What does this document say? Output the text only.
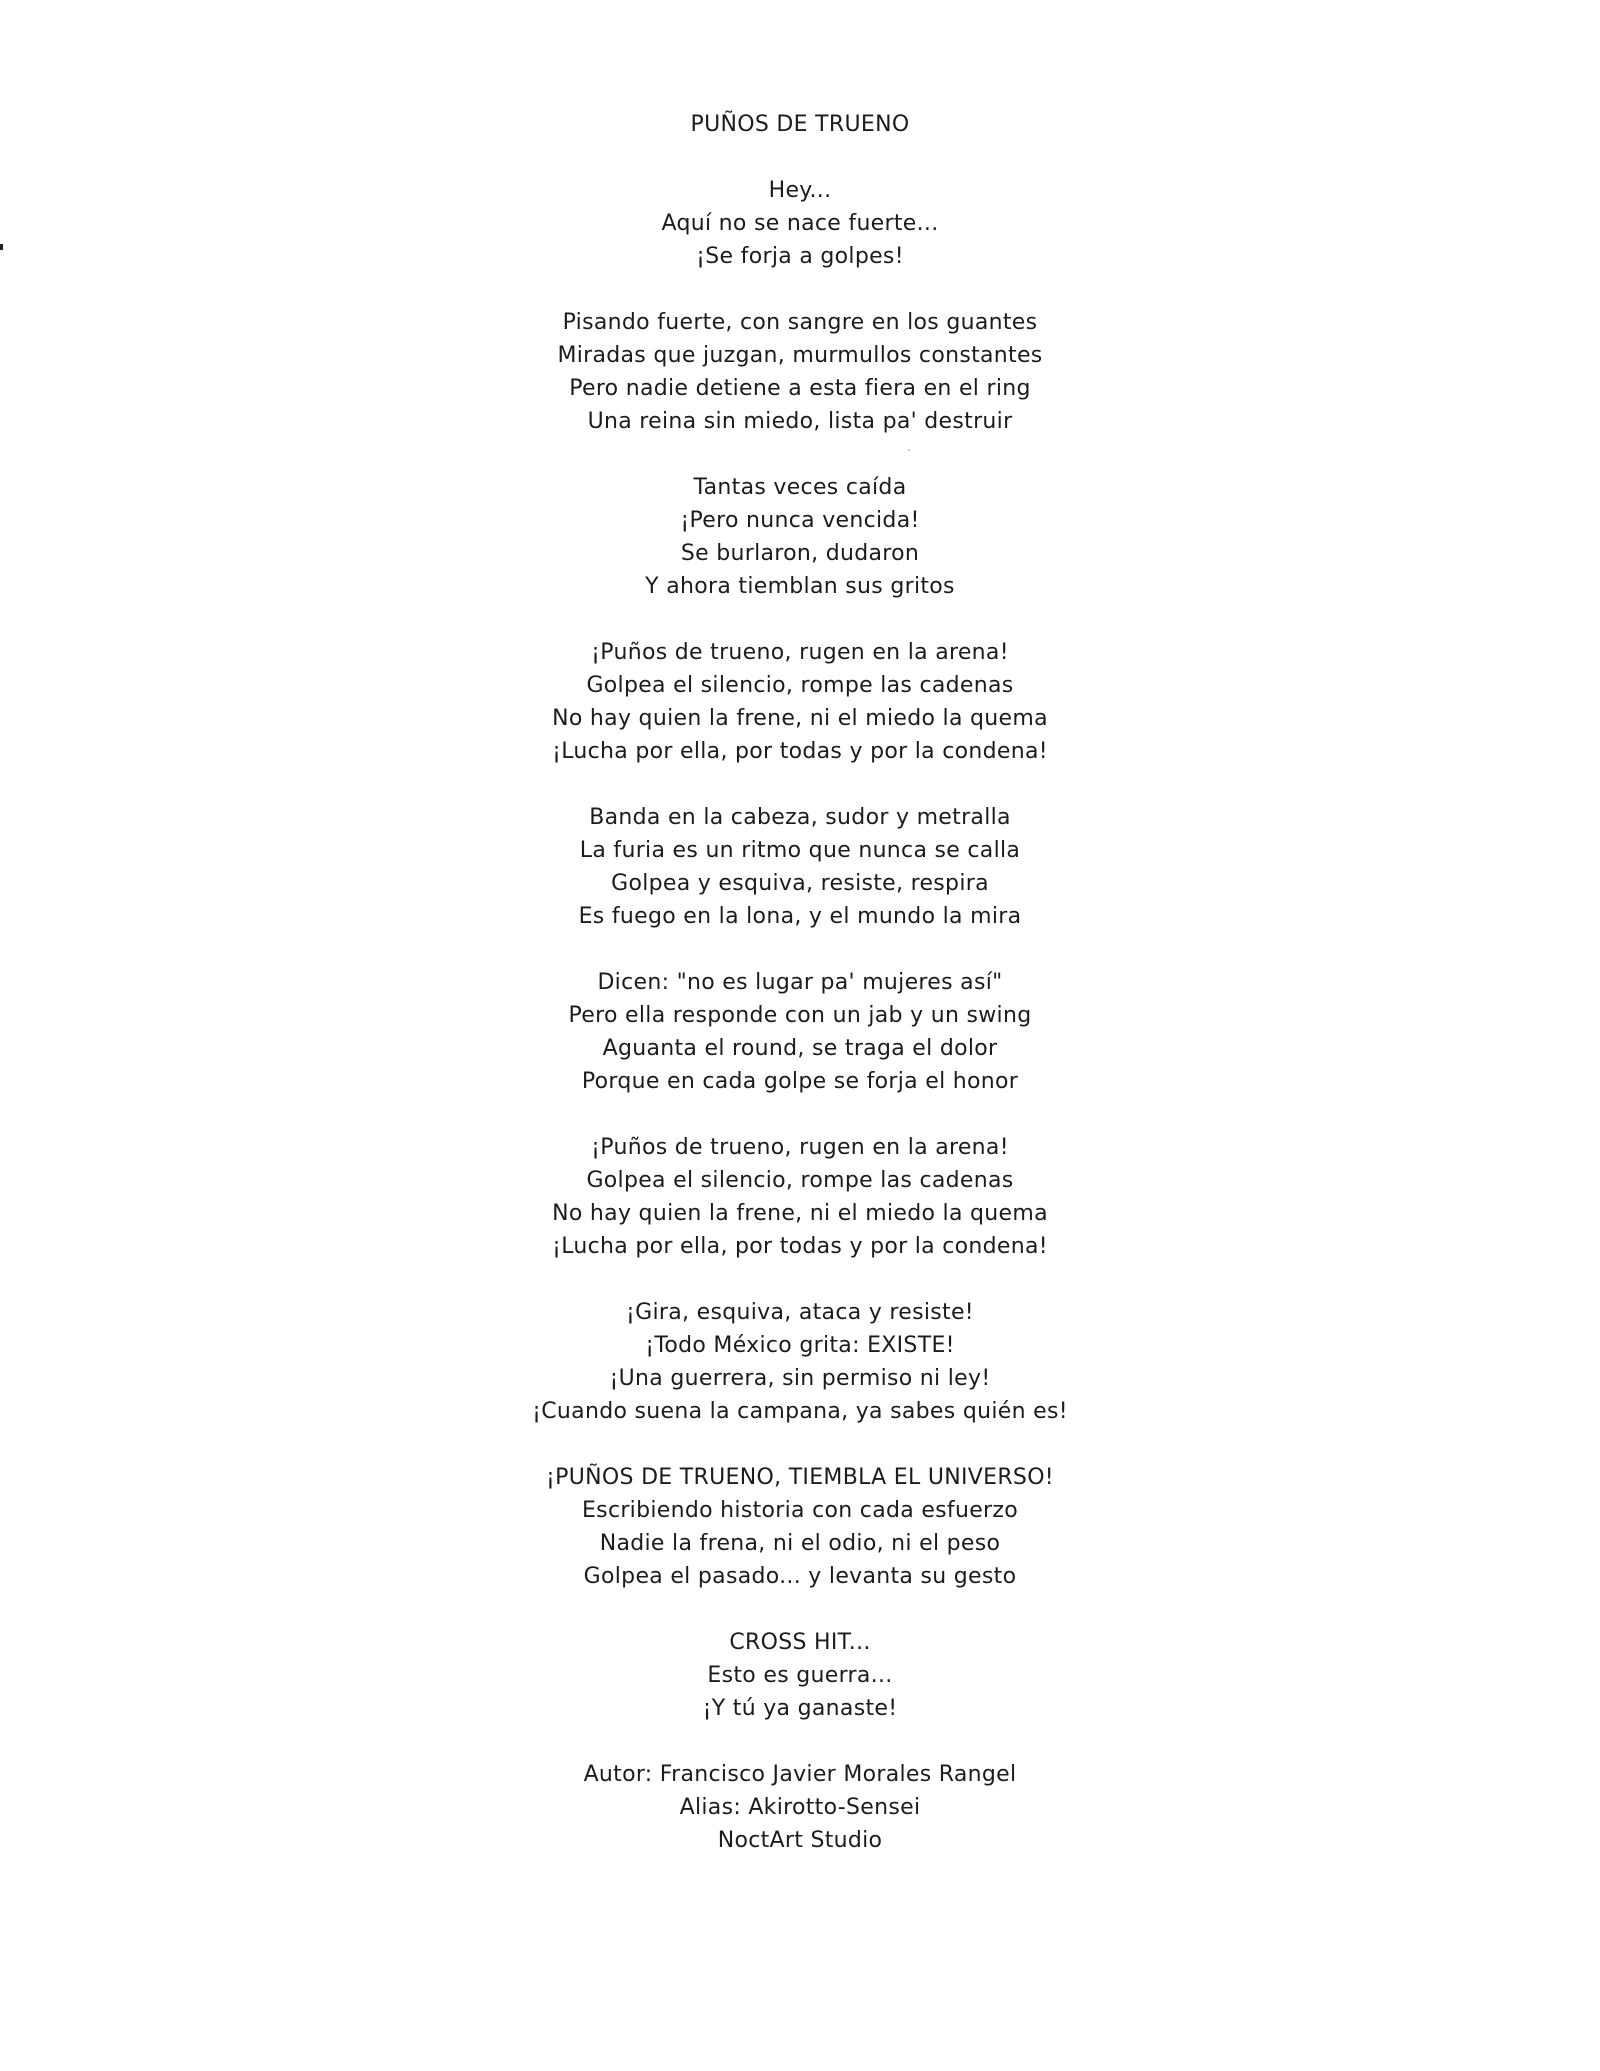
PUÑOS DE TRUENO
Hey...
Aquí no se nace fuerte...
¡Se forja a golpes!
Pisando fuerte, con sangre en los guantes
Miradas que juzgan, murmullos constantes
Pero nadie detiene a esta fiera en el ring
Una reina sin miedo, lista pa' destruir
Tantas veces caída
¡Pero nunca vencida!
Se burlaron, dudaron
Y ahora tiemblan sus gritos
¡Puños de trueno, rugen en la arena!
Golpea el silencio, rompe las cadenas
No hay quien la frene, ni el miedo la quema
¡Lucha por ella, por todas y por la condena!
Banda en la cabeza, sudor y metralla
La furia es un ritmo que nunca se calla
Golpea y esquiva, resiste, respira
Es fuego en la lona, y el mundo la mira
Dicen: "no es lugar pa' mujeres así"
Pero ella responde con un jab y un swing
Aguanta el round, se traga el dolor
Porque en cada golpe se forja el honor
¡Puños de trueno, rugen en la arena!
Golpea el silencio, rompe las cadenas
No hay quien la frene, ni el miedo la quema
¡Lucha por ella, por todas y por la condena!
¡Gira, esquiva, ataca y resiste!
¡Todo México grita: EXISTE!
¡Una guerrera, sin permiso ni ley!
¡Cuando suena la campana, ya sabes quién es!
¡PUÑOS DE TRUENO, TIEMBLA EL UNIVERSO!
Escribiendo historia con cada esfuerzo
Nadie la frena, ni el odio, ni el peso
Golpea el pasado... y levanta su gesto
CROSS HIT...
Esto es guerra...
¡Y tú ya ganaste!
Autor: Francisco Javier Morales Rangel
Alias: Akirotto-Sensei
NoctArt Studio
